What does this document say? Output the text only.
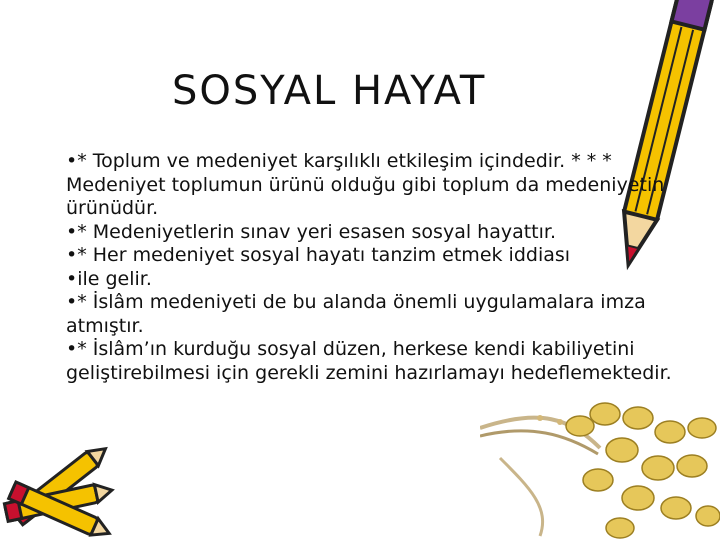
SOSYAL HAYAT

•* Toplum ve medeniyet karşılıklı etkileşim içindedir. * * * Medeniyet toplumun ürünü olduğu gibi toplum da medeniyetin ürünüdür.

•* Medeniyetlerin sınav yeri esasen sosyal hayattır.

•* Her medeniyet sosyal hayatı tanzim etmek iddiası

•ile gelir.

•* İslâm medeniyeti de bu alanda önemli uygulamalara imza atmıştır.

•* İslâm’ın kurduğu sosyal düzen, herkese kendi kabiliyetini geliştirebilmesi için gerekli zemini hazırlamayı hedeflemektedir.
